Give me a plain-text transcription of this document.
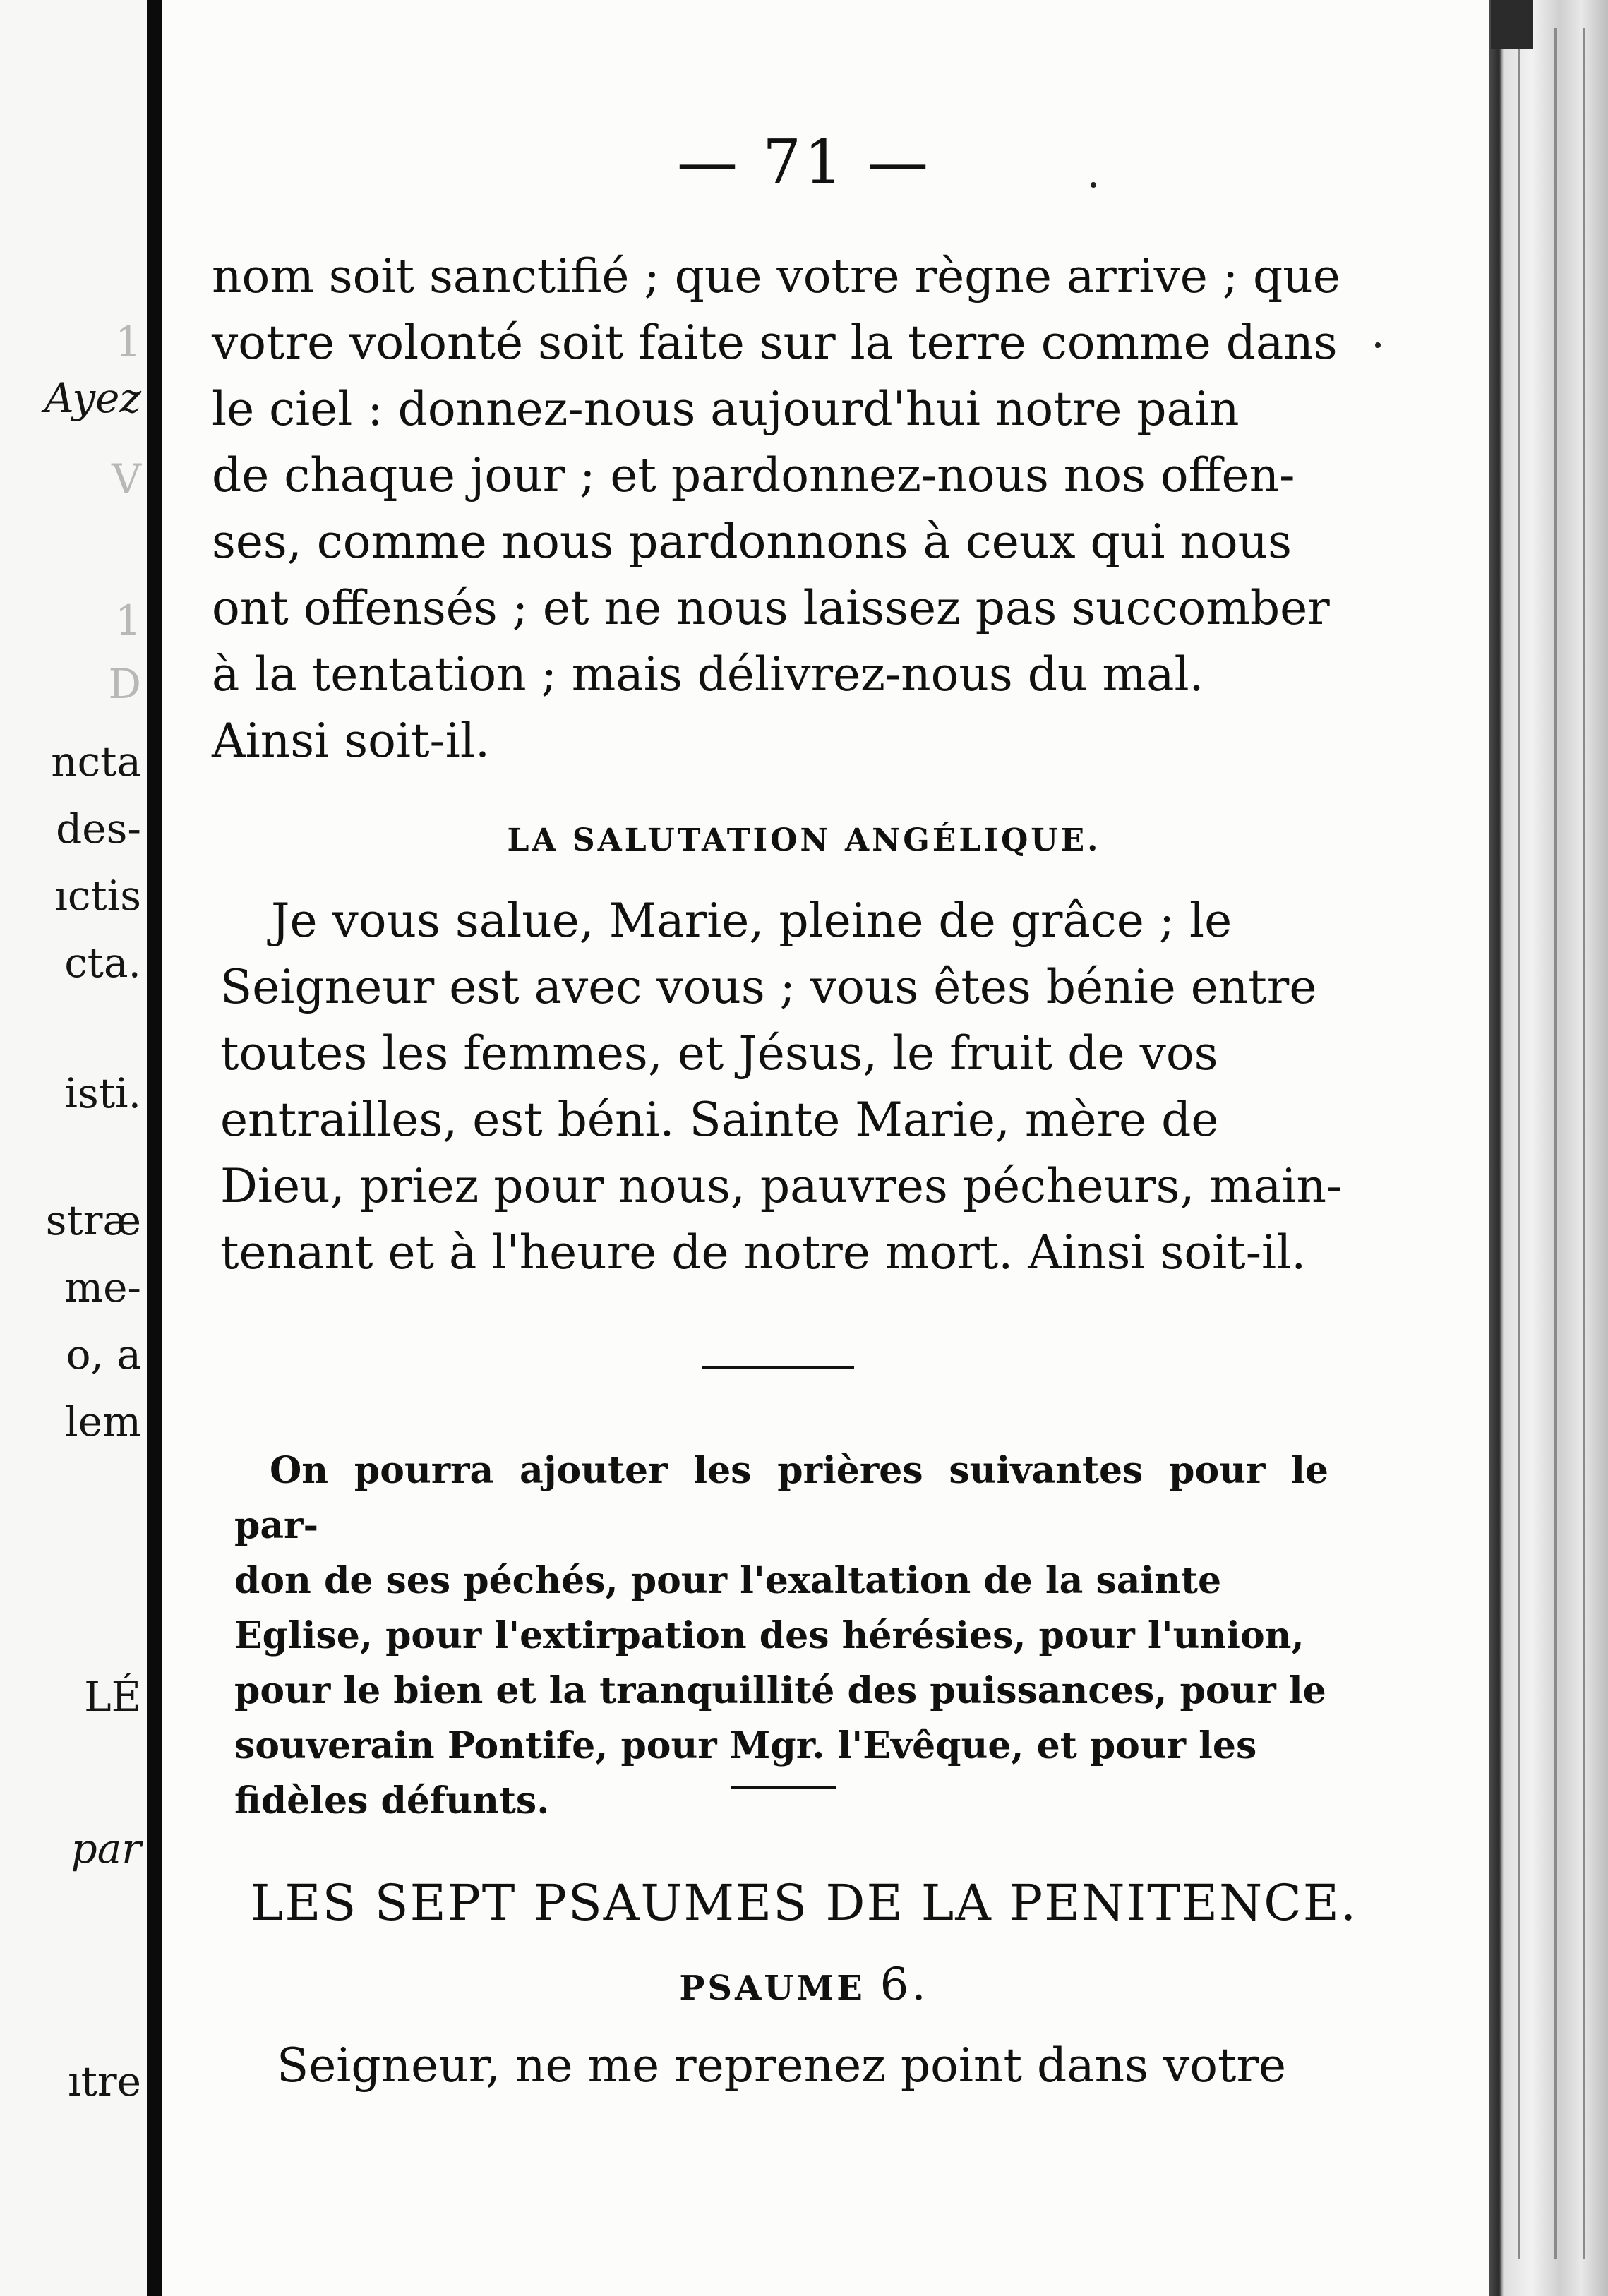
1
Ayez
V
1
D
ncta
des-
ıctis
cta.
isti.
stræ
me-
o, a
lem
LÉ
par
ıtre
— 71 —
nom soit sanctifié ; que votre règne arrive ; que
votre volonté soit faite sur la terre comme dans
le ciel : donnez-nous aujourd'hui notre pain
de chaque jour ; et pardonnez-nous nos offen-
ses, comme nous pardonnons à ceux qui nous
ont offensés ; et ne nous laissez pas succomber
à la tentation ; mais délivrez-nous du mal.
Ainsi soit-il.
LA SALUTATION ANGÉLIQUE.
Je vous salue, Marie, pleine de grâce ; le
Seigneur est avec vous ; vous êtes bénie entre
toutes les femmes, et Jésus, le fruit de vos
entrailles, est béni. Sainte Marie, mère de
Dieu, priez pour nous, pauvres pécheurs, main-
tenant et à l'heure de notre mort. Ainsi soit-il.
On pourra ajouter les prières suivantes pour le par-
don de ses péchés, pour l'exaltation de la sainte
Eglise, pour l'extirpation des hérésies, pour l'union,
pour le bien et la tranquillité des puissances, pour le
souverain Pontife, pour Mgr. l'Evêque, et pour les
fidèles défunts.
LES SEPT PSAUMES DE LA PENITENCE.
PSAUME 6.
Seigneur, ne me reprenez point dans votre
